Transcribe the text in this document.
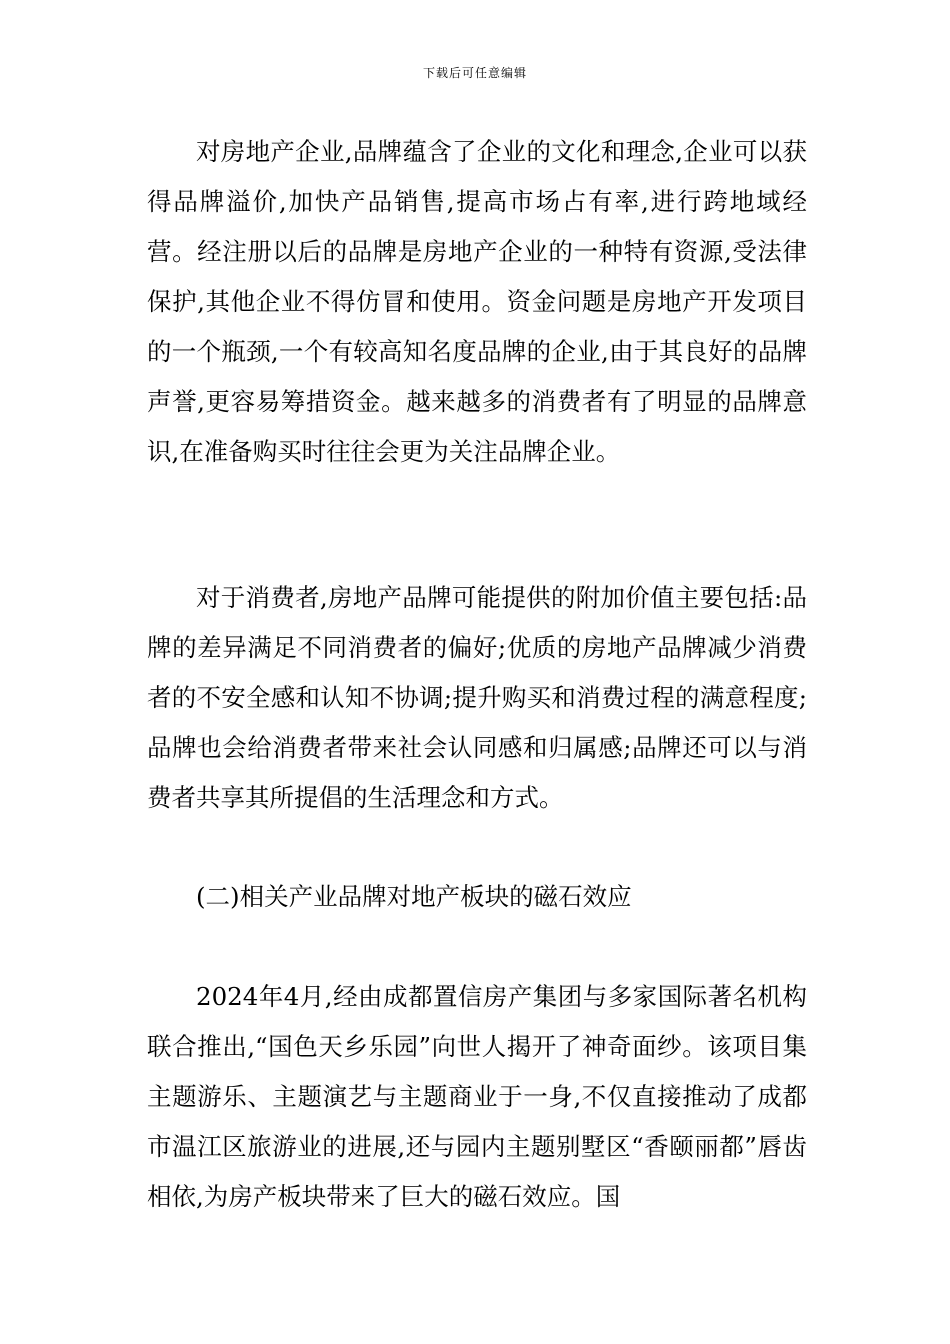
下载后可任意编辑

对房地产企业,品牌蕴含了企业的文化和理念,企业可以获得品牌溢价,加快产品销售,提高市场占有率,进行跨地域经营。经注册以后的品牌是房地产企业的一种特有资源,受法律保护,其他企业不得仿冒和使用。资金问题是房地产开发项目的一个瓶颈,一个有较高知名度品牌的企业,由于其良好的品牌声誉,更容易筹措资金。越来越多的消费者有了明显的品牌意识,在准备购买时往往会更为关注品牌企业。

对于消费者,房地产品牌可能提供的附加价值主要包括:品牌的差异满足不同消费者的偏好;优质的房地产品牌减少消费者的不安全感和认知不协调;提升购买和消费过程的满意程度;品牌也会给消费者带来社会认同感和归属感;品牌还可以与消费者共享其所提倡的生活理念和方式。

(二)相关产业品牌对地产板块的磁石效应

2024年4月,经由成都置信房产集团与多家国际著名机构联合推出,“国色天乡乐园”向世人揭开了神奇面纱。该项目集主题游乐、主题演艺与主题商业于一身,不仅直接推动了成都市温江区旅游业的进展,还与园内主题别墅区“香颐丽都”唇齿相依,为房产板块带来了巨大的磁石效应。国
